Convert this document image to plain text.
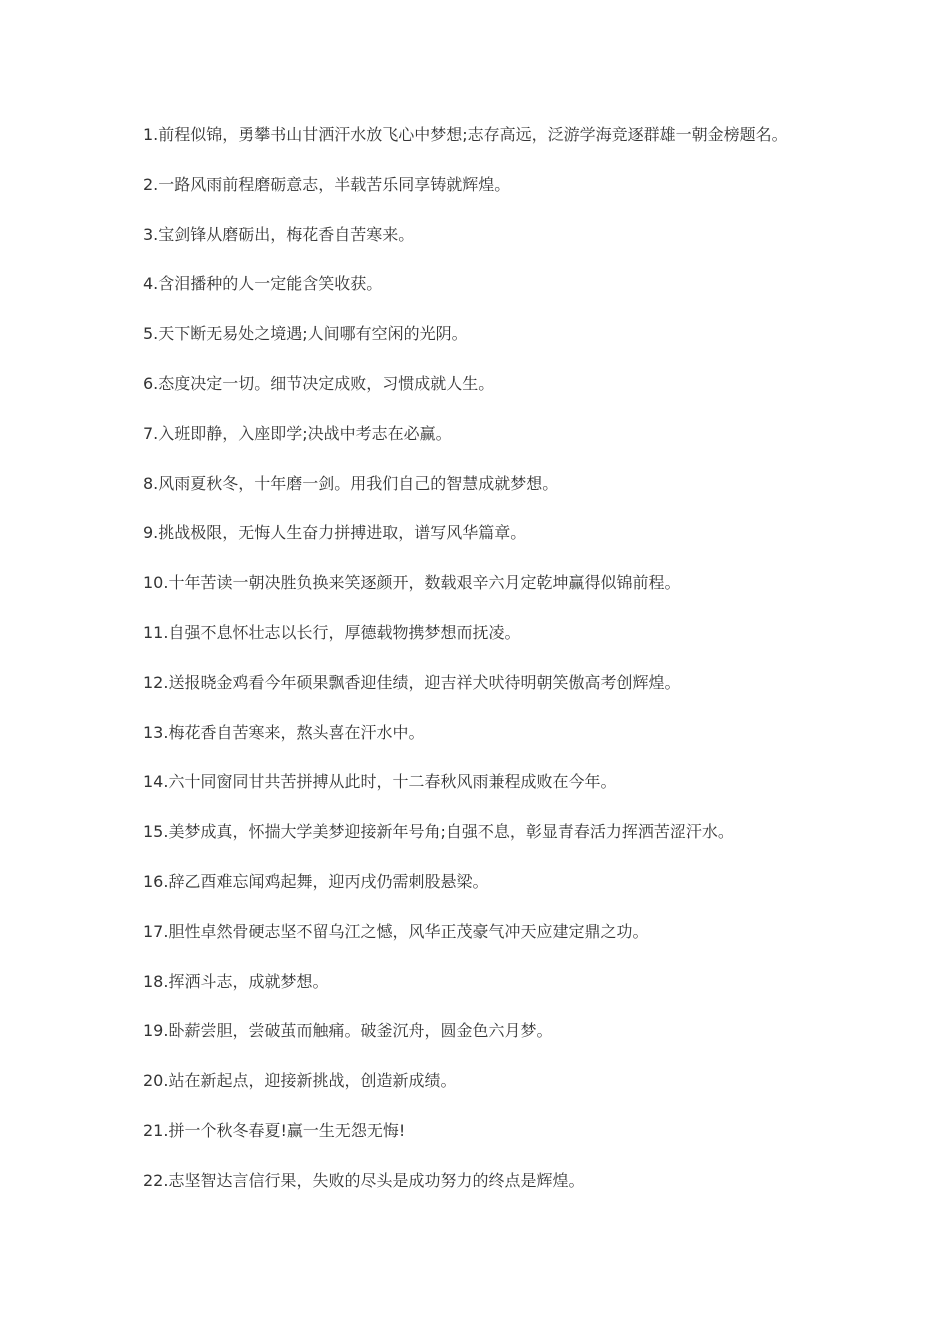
1.前程似锦，勇攀书山甘洒汗水放飞心中梦想;志存高远，泛游学海竞逐群雄一朝金榜题名。
2.一路风雨前程磨砺意志，半载苦乐同享铸就辉煌。
3.宝剑锋从磨砺出，梅花香自苦寒来。
4.含泪播种的人一定能含笑收获。
5.天下断无易处之境遇;人间哪有空闲的光阴。
6.态度决定一切。细节决定成败，习惯成就人生。
7.入班即静，入座即学;决战中考志在必赢。
8.风雨夏秋冬，十年磨一剑。用我们自己的智慧成就梦想。
9.挑战极限，无悔人生奋力拼搏进取，谱写风华篇章。
10.十年苦读一朝决胜负换来笑逐颜开，数载艰辛六月定乾坤赢得似锦前程。
11.自强不息怀壮志以长行，厚德载物携梦想而抚凌。
12.送报晓金鸡看今年硕果飘香迎佳绩，迎吉祥犬吠待明朝笑傲高考创辉煌。
13.梅花香自苦寒来，熬头喜在汗水中。
14.六十同窗同甘共苦拼搏从此时，十二春秋风雨兼程成败在今年。
15.美梦成真，怀揣大学美梦迎接新年号角;自强不息，彰显青春活力挥洒苦涩汗水。
16.辞乙酉难忘闻鸡起舞，迎丙戌仍需刺股悬梁。
17.胆性卓然骨硬志坚不留乌江之憾，风华正茂豪气冲天应建定鼎之功。
18.挥洒斗志，成就梦想。
19.卧薪尝胆，尝破茧而触痛。破釜沉舟，圆金色六月梦。
20.站在新起点，迎接新挑战，创造新成绩。
21.拼一个秋冬春夏!赢一生无怨无悔!
22.志坚智达言信行果，失败的尽头是成功努力的终点是辉煌。
